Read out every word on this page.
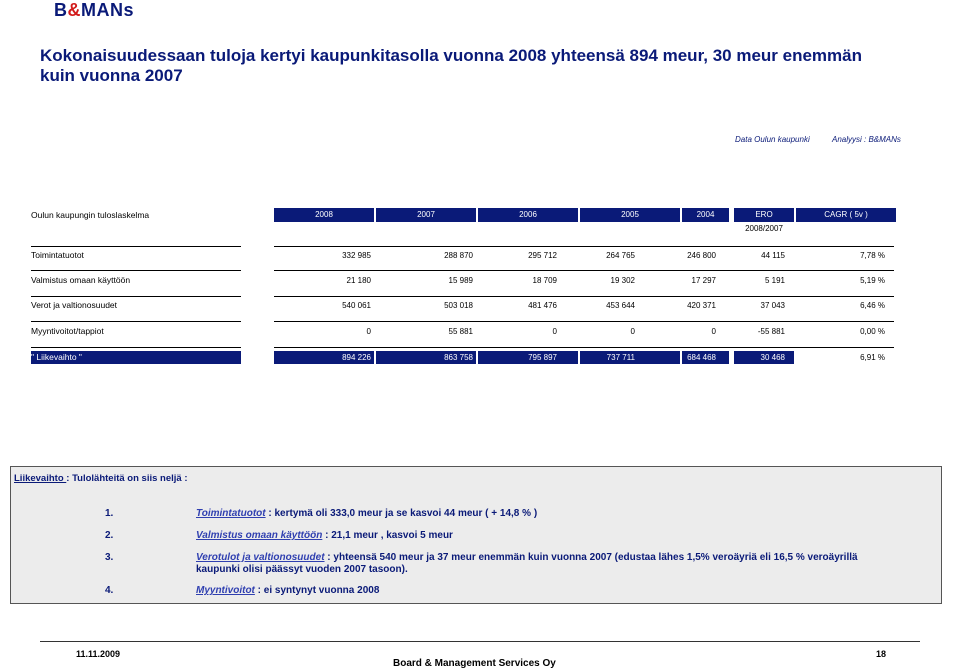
B&MANs
Kokonaisuudessaan tuloja kertyi kaupunkitasolla vuonna 2008 yhteensä 894 meur, 30 meur enemmän kuin vuonna 2007
Data Oulun kaupunki	Analyysi : B&MANs
Oulun kaupungin tuloslaskelma	2008	2007	2006	2005	2004	ERO	CAGR ( 5v )
2008/2007
Toimintatuotot	332 985	288 870	295 712	264 765	246 800	44 115	7,78 %
Valmistus omaan käyttöön	21 180	15 989	18 709	19 302	17 297	5 191	5,19 %
Verot ja valtionosuudet	540 061	503 018	481 476	453 644	420 371	37 043	6,46 %
Myyntivoitot/tappiot	0	55 881	0	0	0	-55 881	0,00 %
" Liikevaihto "	894 226	863 758	795 897	737 711	684 468	30 468	6,91 %
Liikevaihto : Tulolähteitä on siis neljä :
1.	Toimintatuotot : kertymä oli 333,0 meur ja se kasvoi 44 meur ( + 14,8 % )
2.	Valmistus omaan käyttöön : 21,1 meur , kasvoi 5 meur
3.	Verotulot ja valtionosuudet : yhteensä 540 meur ja 37 meur enemmän kuin vuonna 2007 (edustaa lähes 1,5% veroäyriä eli 16,5 % veroäyrillä kaupunki olisi päässyt vuoden 2007 tasoon).
4.	Myyntivoitot : ei syntynyt vuonna 2008
11.11.2009	18
Board & Management Services Oy
